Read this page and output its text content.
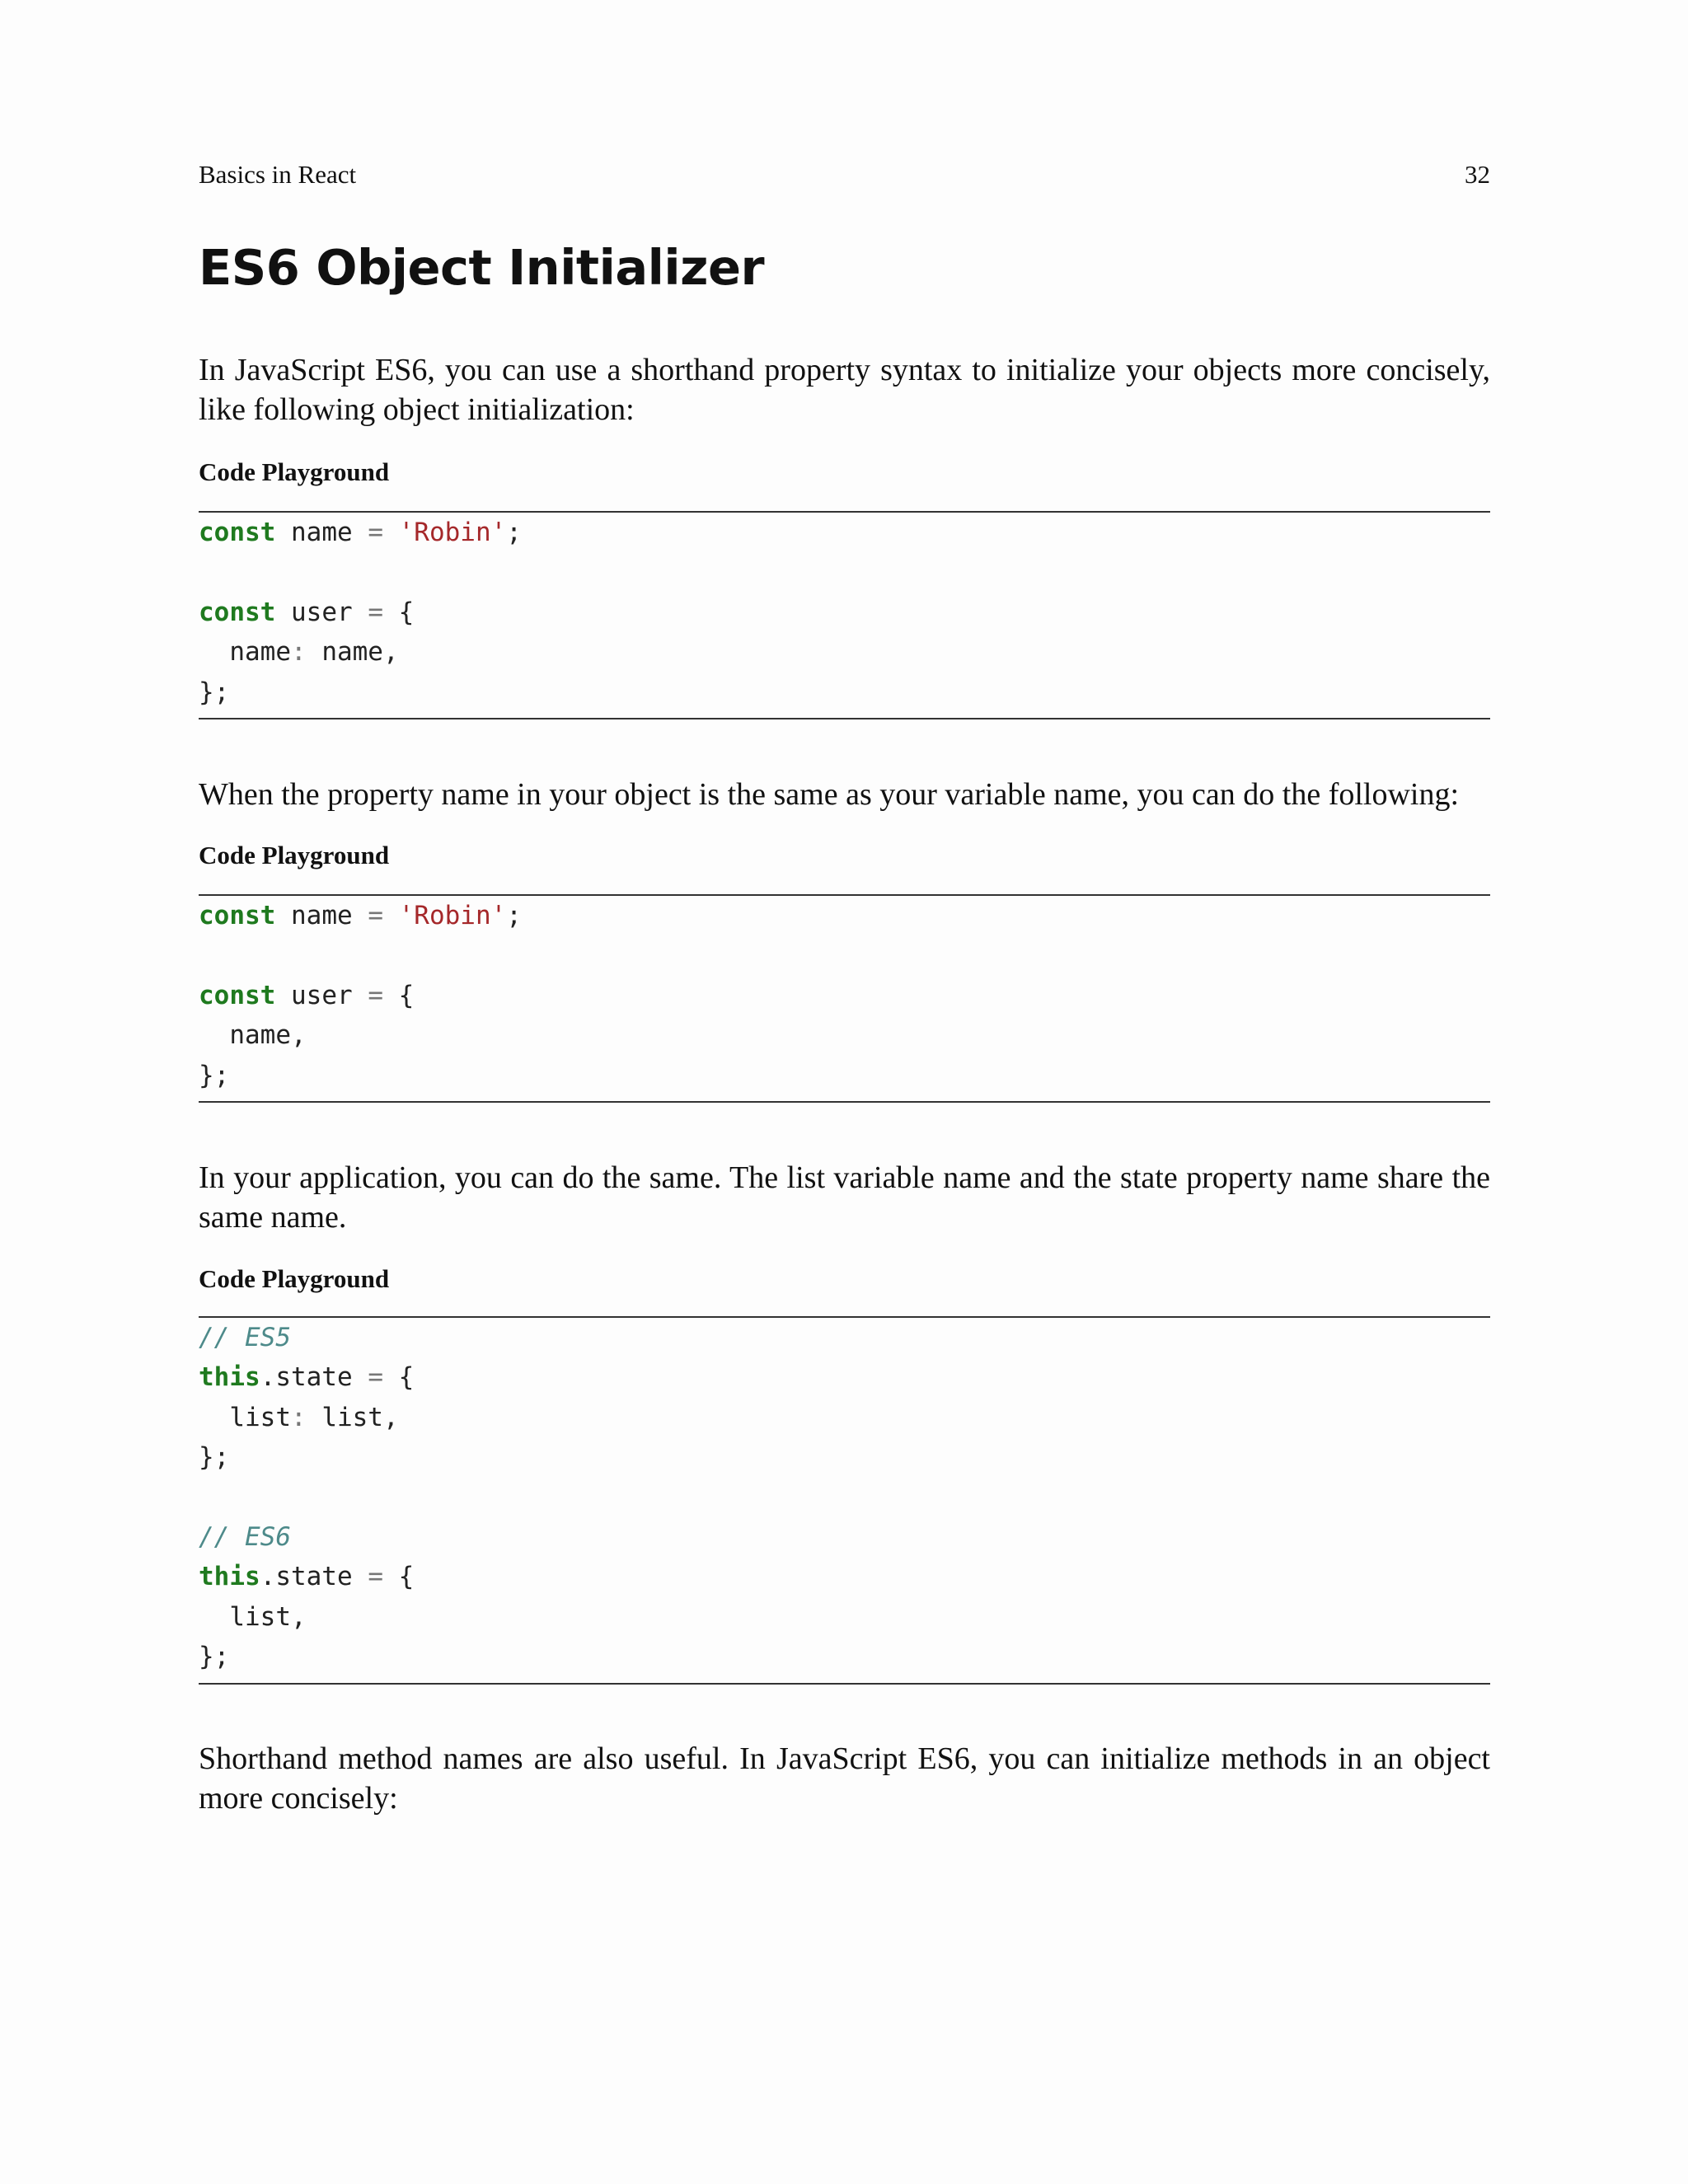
Basics in React	32
ES6 Object Initializer

In JavaScript ES6, you can use a shorthand property syntax to initialize your objects more concisely, like following object initialization:

Code Playground

const name = 'Robin';
const user = {
name: name,
};

When the property name in your object is the same as your variable name, you can do the following:

Code Playground

const name = 'Robin';
const user = {
name,
};

In your application, you can do the same. The list variable name and the state property name share the same name.

Code Playground

// ES5
this.state = {
list: list,
};
// ES6
this.state = {
list,
};

Shorthand method names are also useful. In JavaScript ES6, you can initialize methods in an object more concisely:
